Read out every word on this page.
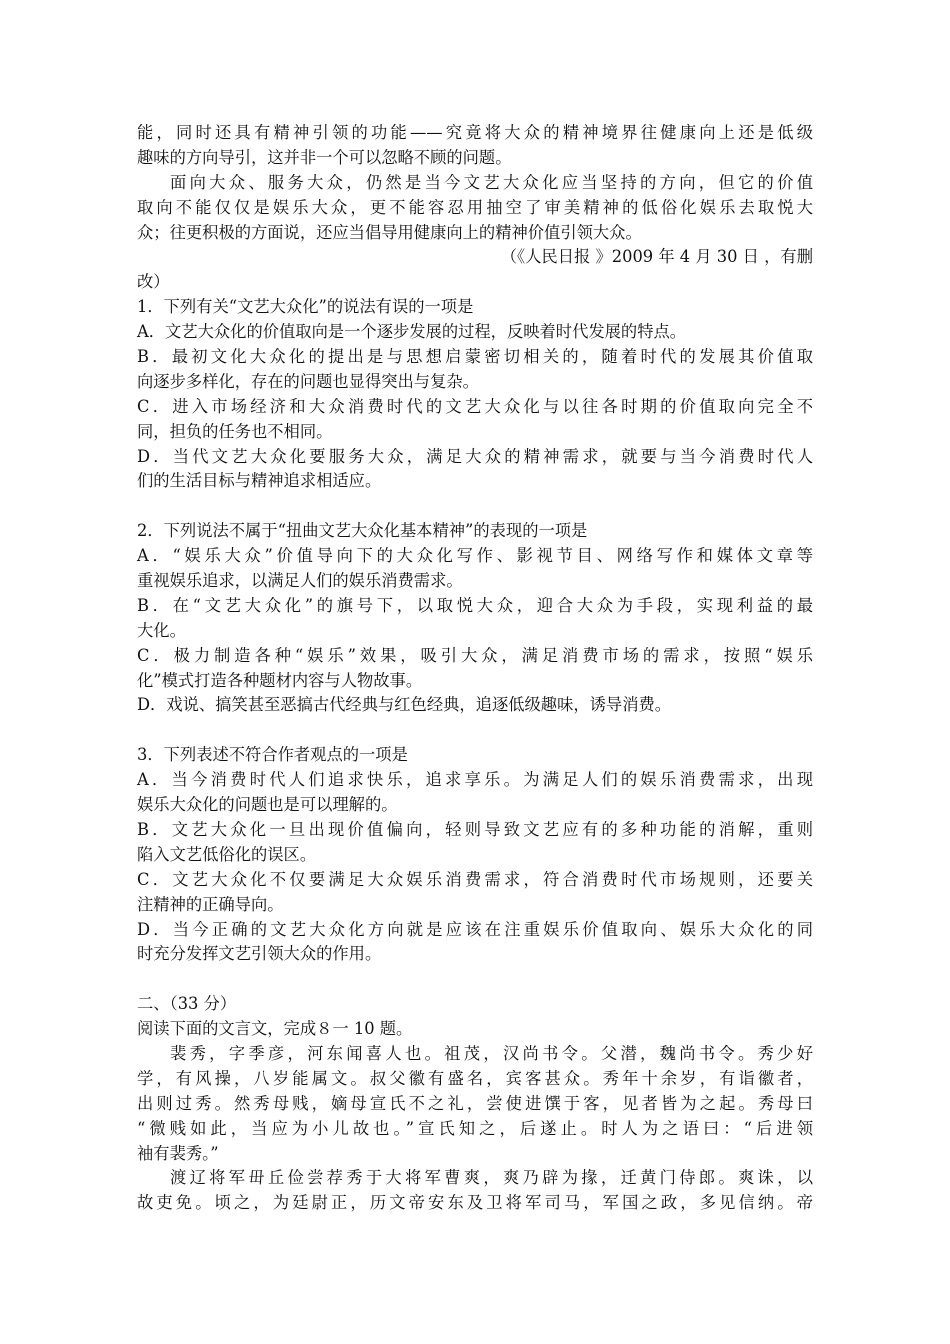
能，同时还具有精神引领的功能——究竟将大众的精神境界往健康向上还是低级
趣味的方向导引，这并非一个可以忽略不顾的问题。
面向大众、服务大众，仍然是当今文艺大众化应当坚持的方向，但它的价值
取向不能仅仅是娱乐大众，更不能容忍用抽空了审美精神的低俗化娱乐去取悦大
众；往更积极的方面说，还应当倡导用健康向上的精神价值引领大众。
（《人民日报 》2009 年 4 月 30 日 ，有删
改）
1．下列有关“文艺大众化”的说法有误的一项是
A．文艺大众化的价值取向是一个逐步发展的过程，反映着时代发展的特点。
B．最初文化大众化的提出是与思想启蒙密切相关的，随着时代的发展其价值取
向逐步多样化，存在的问题也显得突出与复杂。
C．进入市场经济和大众消费时代的文艺大众化与以往各时期的价值取向完全不
同，担负的任务也不相同。
D．当代文艺大众化要服务大众，满足大众的精神需求，就要与当今消费时代人
们的生活目标与精神追求相适应。
2．下列说法不属于“扭曲文艺大众化基本精神”的表现的一项是
A．“娱乐大众”价值导向下的大众化写作、影视节目、网络写作和媒体文章等
重视娱乐追求，以满足人们的娱乐消费需求。
B．在“文艺大众化”的旗号下，以取悦大众，迎合大众为手段，实现利益的最
大化。
C．极力制造各种“娱乐”效果，吸引大众，满足消费市场的需求，按照“娱乐
化”模式打造各种题材内容与人物故事。
D．戏说、搞笑甚至恶搞古代经典与红色经典，追逐低级趣味，诱导消费。
3．下列表述不符合作者观点的一项是
A．当今消费时代人们追求快乐，追求享乐。为满足人们的娱乐消费需求，出现
娱乐大众化的问题也是可以理解的。
B．文艺大众化一旦出现价值偏向，轻则导致文艺应有的多种功能的消解，重则
陷入文艺低俗化的误区。
C．文艺大众化不仅要满足大众娱乐消费需求，符合消费时代市场规则，还要关
注精神的正确导向。
D．当今正确的文艺大众化方向就是应该在注重娱乐价值取向、娱乐大众化的同
时充分发挥文艺引领大众的作用。
二、（33 分）
阅读下面的文言文，完成８一 10 题。
裴秀，字季彦，河东闻喜人也。祖茂，汉尚书令。父潜，魏尚书令。秀少好
学，有风操，八岁能属文。叔父徽有盛名，宾客甚众。秀年十余岁，有诣徽者，
出则过秀。然秀母贱，嫡母宣氏不之礼，尝使进馔于客，见者皆为之起。秀母曰
“微贱如此，当应为小儿故也。”宣氏知之，后遂止。时人为之语曰：“后进领
袖有裴秀。”
渡辽将军毌丘俭尝荐秀于大将军曹爽，爽乃辟为掾，迁黄门侍郎。爽诛，以
故吏免。顷之，为廷尉正，历文帝安东及卫将军司马，军国之政，多见信纳。帝
